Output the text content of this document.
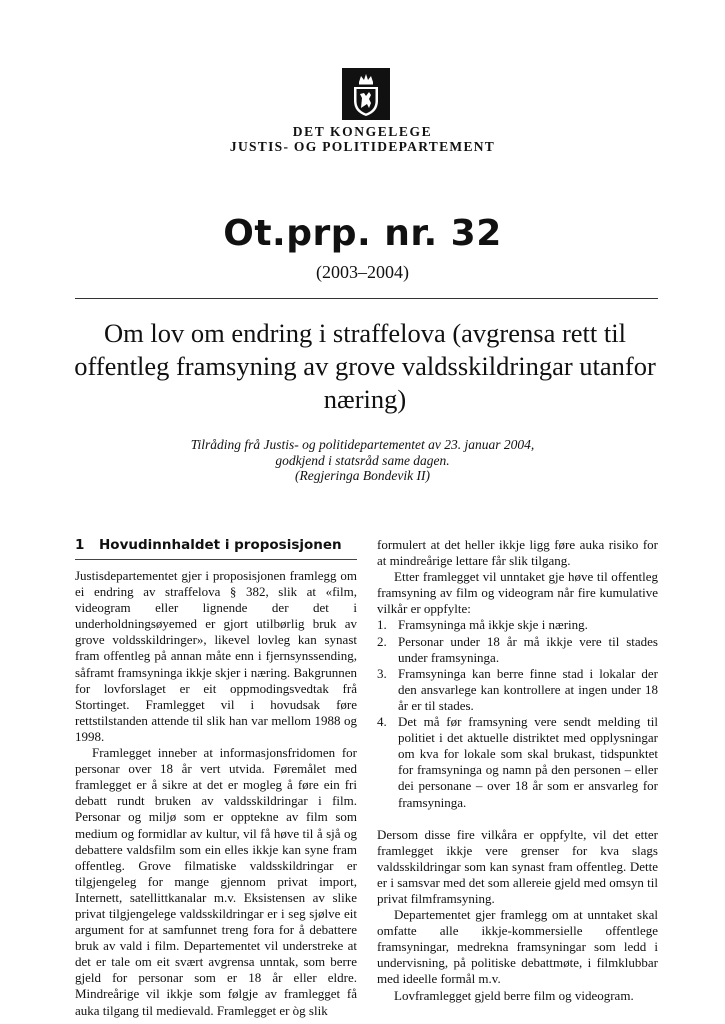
DET KONGELEGE
JUSTIS- OG POLITIDEPARTEMENT
Ot.prp. nr. 32
(2003–2004)
Om lov om endring i straffelova (avgrensa rett til offentleg framsyning av grove valdsskildringar utanfor næring)
Tilråding frå Justis- og politidepartementet av 23. januar 2004,
godkjend i statsråd same dagen.
(Regjeringa Bondevik II)
1 Hovudinnhaldet i proposisjonen

Justisdepartementet gjer i proposisjonen framlegg om ei endring av straffelova § 382, slik at «film, videogram eller lignende der det i underholdningsøyemed er gjort utilbørlig bruk av grove voldsskildringer», likevel lovleg kan synast fram offentleg på annan måte enn i fjernsynssending, såframt framsyninga ikkje skjer i næring. Bakgrunnen for lovforslaget er eit oppmodingsvedtak frå Stortinget. Framlegget vil i hovudsak føre rettstilstanden attende til slik han var mellom 1988 og 1998.

Framlegget inneber at informasjonsfridomen for personar over 18 år vert utvida. Føremålet med framlegget er å sikre at det er mogleg å føre ein fri debatt rundt bruken av valdsskildringar i film. Personar og miljø som er opptekne av film som medium og formidlar av kultur, vil få høve til å sjå og debattere valdsfilm som ein elles ikkje kan syne fram offentleg. Grove filmatiske valdsskildringar er tilgjengeleg for mange gjennom privat import, Internett, satellittkanalar m.v. Eksistensen av slike privat tilgjengelege valdsskildringar er i seg sjølve eit argument for at samfunnet treng fora for å debattere bruk av vald i film. Departementet vil understreke at det er tale om eit svært avgrensa unntak, som berre gjeld for personar som er 18 år eller eldre. Mindreårige vil ikkje som følgje av framlegget få auka tilgang til medievald. Framlegget er òg slik

formulert at det heller ikkje ligg føre auka risiko for at mindreårige lettare får slik tilgang.

Etter framlegget vil unntaket gje høve til offentleg framsyning av film og videogram når fire kumulative vilkår er oppfylte:

1. Framsyninga må ikkje skje i næring.
2. Personar under 18 år må ikkje vere til stades under framsyninga.
3. Framsyninga kan berre finne stad i lokalar der den ansvarlege kan kontrollere at ingen under 18 år er til stades.
4. Det må før framsyning vere sendt melding til politiet i det aktuelle distriktet med opplysningar om kva for lokale som skal brukast, tidspunktet for framsyninga og namn på den personen – eller dei personane – over 18 år som er ansvarleg for framsyninga.

Dersom disse fire vilkåra er oppfylte, vil det etter framlegget ikkje vere grenser for kva slags valdsskildringar som kan synast fram offentleg. Dette er i samsvar med det som allereie gjeld med omsyn til privat filmframsyning.

Departementet gjer framlegg om at unntaket skal omfatte alle ikkje-kommersielle offentlege framsyningar, medrekna framsyningar som ledd i undervisning, på politiske debattmøte, i filmklubbar med ideelle formål m.v.

Lovframlegget gjeld berre film og videogram.
